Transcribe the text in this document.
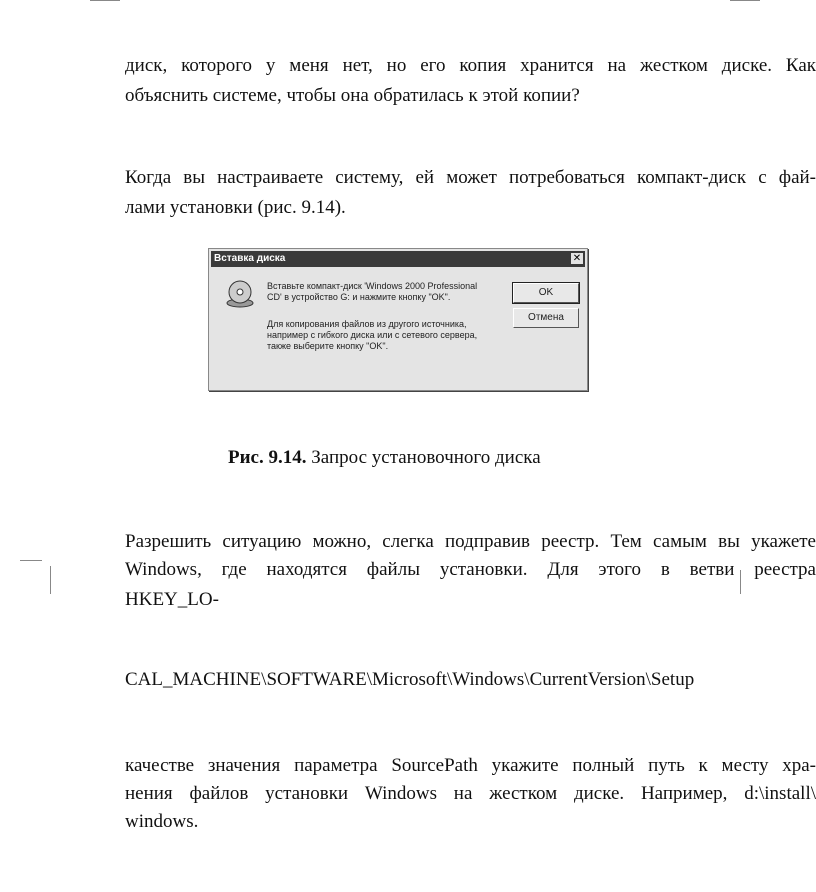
диск, которого у меня нет, но его копия хранится на жестком диске. Как
объяснить системе, чтобы она обратилась к этой копии?
Когда вы настраиваете систему, ей может потребоваться компакт-диск с фай-
лами установки (рис. 9.14).
Вставка диска	✕
Вставьте компакт-диск 'Windows 2000 Professional
CD' в устройство G: и нажмите кнопку "OK".
Для копирования файлов из другого источника,
например с гибкого диска или с сетевого сервера,
также выберите кнопку "OK".
OK
Отмена
Рис. 9.14. Запрос установочного диска
Разрешить ситуацию можно, слегка подправив реестр. Тем самым вы укажете
Windows, где находятся файлы установки. Для этого в ветви реестра
HKEY_LO-
CAL_MACHINE\SOFTWARE\Microsoft\Windows\CurrentVersion\Setup
качестве значения параметра SourcePath укажите полный путь к месту хра-
нения файлов установки Windows на жестком диске. Например, d:\install\
windows.
